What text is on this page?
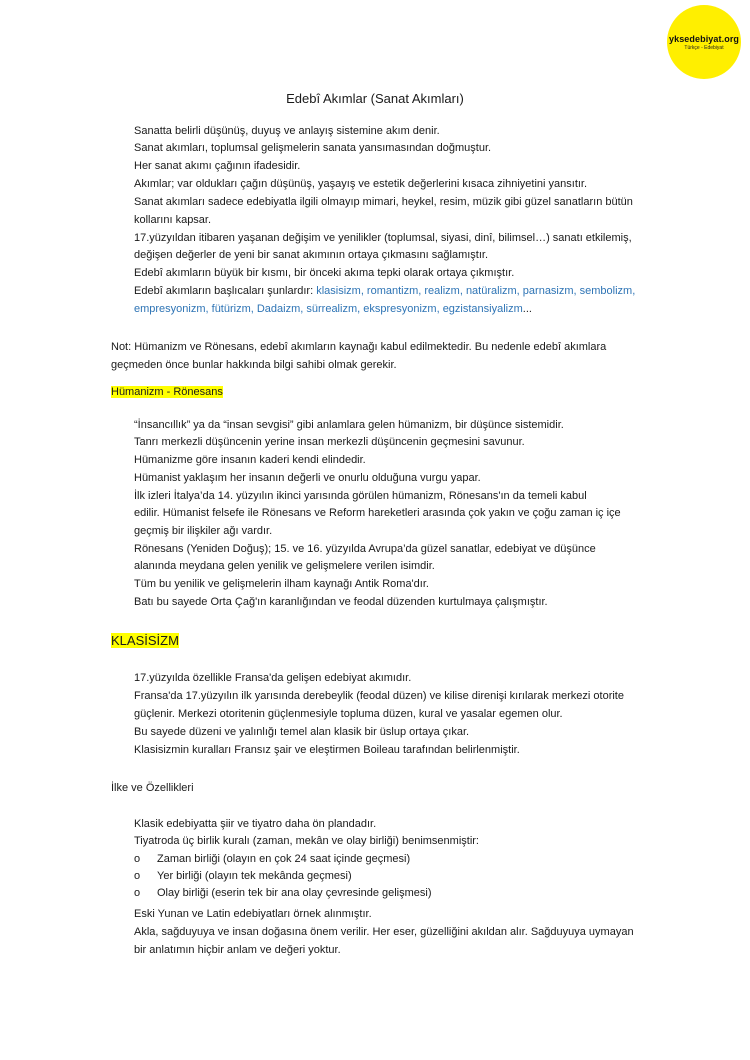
yksedebiyat.org
Türkçe - Edebiyat
Edebî Akımlar (Sanat Akımları)
Sanatta belirli düşünüş, duyuş ve anlayış sistemine akım denir.
Sanat akımları, toplumsal gelişmelerin sanata yansımasından doğmuştur.
Her sanat akımı çağının ifadesidir.
Akımlar; var oldukları çağın düşünüş, yaşayış ve estetik değerlerini kısaca zihniyetini yansıtır.
Sanat akımları sadece edebiyatla ilgili olmayıp mimari, heykel, resim, müzik gibi güzel sanatların bütün
kollarını kapsar.
17.yüzyıldan itibaren yaşanan değişim ve yenilikler (toplumsal, siyasi, dinî, bilimsel…) sanatı etkilemiş,
değişen değerler de yeni bir sanat akımının ortaya çıkmasını sağlamıştır.
Edebî akımların büyük bir kısmı, bir önceki akıma tepki olarak ortaya çıkmıştır.
Edebî akımların başlıcaları şunlardır: klasisizm, romantizm, realizm, natüralizm, parnasizm, sembolizm,
empresyonizm, fütürizm, Dadaizm, sürrealizm, ekspresyonizm, egzistansiyalizm...
Not: Hümanizm ve Rönesans, edebî akımların kaynağı kabul edilmektedir. Bu nedenle edebî akımlara
geçmeden önce bunlar hakkında bilgi sahibi olmak gerekir.
Hümanizm - Rönesans
“İnsancıllık” ya da “insan sevgisi” gibi anlamlara gelen hümanizm, bir düşünce sistemidir.
Tanrı merkezli düşüncenin yerine insan merkezli düşüncenin geçmesini savunur.
Hümanizme göre insanın kaderi kendi elindedir.
Hümanist yaklaşım her insanın değerli ve onurlu olduğuna vurgu yapar.
İlk izleri İtalya’da 14. yüzyılın ikinci yarısında görülen hümanizm, Rönesans'ın da temeli kabul
edilir. Hümanist felsefe ile Rönesans ve Reform hareketleri arasında çok yakın ve çoğu zaman iç içe
geçmiş bir ilişkiler ağı vardır.
Rönesans (Yeniden Doğuş); 15. ve 16. yüzyılda Avrupa’da güzel sanatlar, edebiyat ve düşünce
alanında meydana gelen yenilik ve gelişmelere verilen isimdir.
Tüm bu yenilik ve gelişmelerin ilham kaynağı Antik Roma'dır.
Batı bu sayede Orta Çağ'ın karanlığından ve feodal düzenden kurtulmaya çalışmıştır.
KLASİSİZM
17.yüzyılda özellikle Fransa'da gelişen edebiyat akımıdır.
Fransa'da 17.yüzyılın ilk yarısında derebeylik (feodal düzen) ve kilise direnişi kırılarak merkezi otorite
güçlenir. Merkezi otoritenin güçlenmesiyle topluma düzen, kural ve yasalar egemen olur.
Bu sayede düzeni ve yalınlığı temel alan klasik bir üslup ortaya çıkar.
Klasisizmin kuralları Fransız şair ve eleştirmen Boileau tarafından belirlenmiştir.
İlke ve Özellikleri
Klasik edebiyatta şiir ve tiyatro daha ön plandadır.
Tiyatroda üç birlik kuralı (zaman, mekân ve olay birliği) benimsenmiştir:
o Zaman birliği (olayın en çok 24 saat içinde geçmesi)
o Yer birliği (olayın tek mekânda geçmesi)
o Olay birliği (eserin tek bir ana olay çevresinde gelişmesi)
Eski Yunan ve Latin edebiyatları örnek alınmıştır.
Akla, sağduyuya ve insan doğasına önem verilir. Her eser, güzelliğini akıldan alır. Sağduyuya uymayan
bir anlatımın hiçbir anlam ve değeri yoktur.
